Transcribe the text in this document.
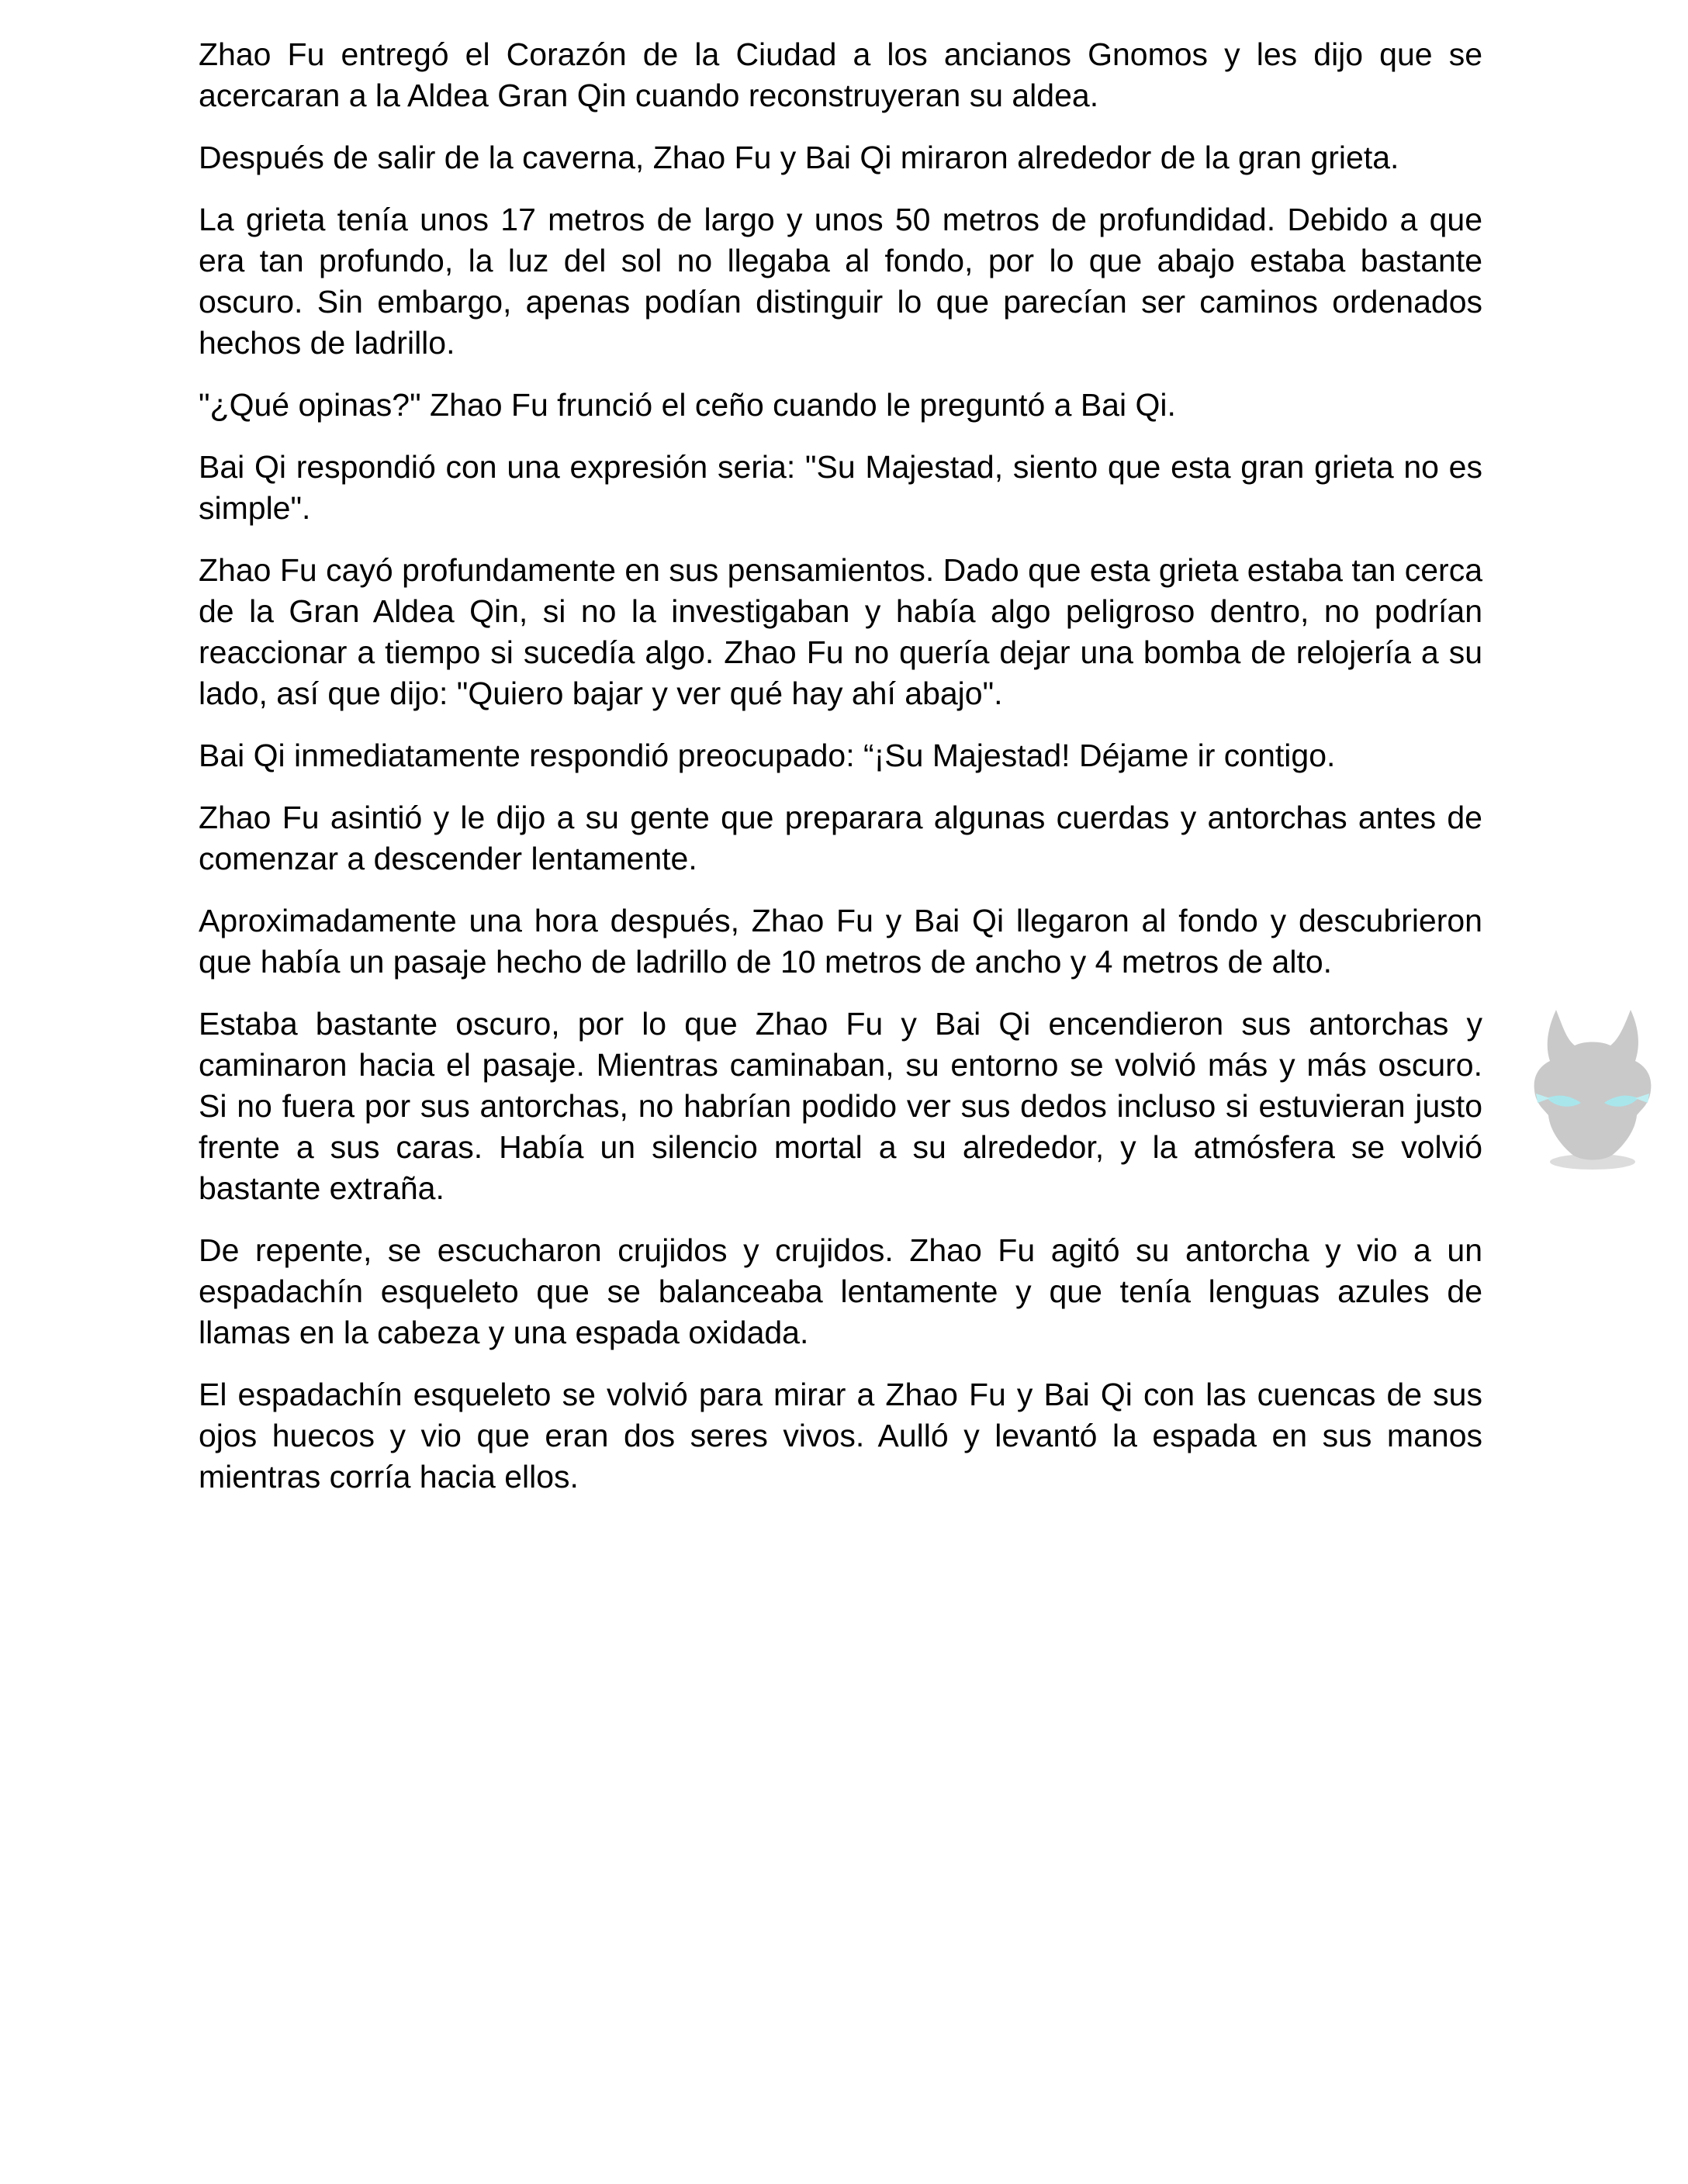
Zhao Fu entregó el Corazón de la Ciudad a los ancianos Gnomos y les dijo que se acercaran a la Aldea Gran Qin cuando reconstruyeran su aldea.

Después de salir de la caverna, Zhao Fu y Bai Qi miraron alrededor de la gran grieta.

La grieta tenía unos 17 metros de largo y unos 50 metros de profundidad. Debido a que era tan profundo, la luz del sol no llegaba al fondo, por lo que abajo estaba bastante oscuro. Sin embargo, apenas podían distinguir lo que parecían ser caminos ordenados hechos de ladrillo.

"¿Qué opinas?" Zhao Fu frunció el ceño cuando le preguntó a Bai Qi.

Bai Qi respondió con una expresión seria: "Su Majestad, siento que esta gran grieta no es simple".

Zhao Fu cayó profundamente en sus pensamientos. Dado que esta grieta estaba tan cerca de la Gran Aldea Qin, si no la investigaban y había algo peligroso dentro, no podrían reaccionar a tiempo si sucedía algo. Zhao Fu no quería dejar una bomba de relojería a su lado, así que dijo: "Quiero bajar y ver qué hay ahí abajo".

Bai Qi inmediatamente respondió preocupado: “¡Su Majestad! Déjame ir contigo.

Zhao Fu asintió y le dijo a su gente que preparara algunas cuerdas y antorchas antes de comenzar a descender lentamente.

Aproximadamente una hora después, Zhao Fu y Bai Qi llegaron al fondo y descubrieron que había un pasaje hecho de ladrillo de 10 metros de ancho y 4 metros de alto.

Estaba bastante oscuro, por lo que Zhao Fu y Bai Qi encendieron sus antorchas y caminaron hacia el pasaje. Mientras caminaban, su entorno se volvió más y más oscuro. Si no fuera por sus antorchas, no habrían podido ver sus dedos incluso si estuvieran justo frente a sus caras. Había un silencio mortal a su alrededor, y la atmósfera se volvió bastante extraña.

De repente, se escucharon crujidos y crujidos. Zhao Fu agitó su antorcha y vio a un espadachín esqueleto que se balanceaba lentamente y que tenía lenguas azules de llamas en la cabeza y una espada oxidada.

El espadachín esqueleto se volvió para mirar a Zhao Fu y Bai Qi con las cuencas de sus ojos huecos y vio que eran dos seres vivos. Aulló y levantó la espada en sus manos mientras corría hacia ellos.
